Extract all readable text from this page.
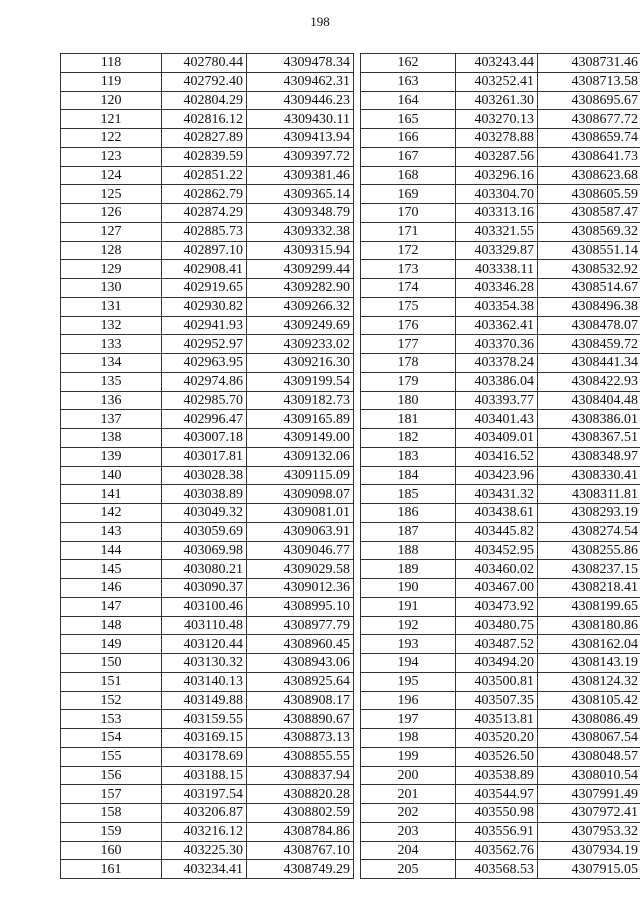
198
118	402780.44	4309478.34
119	402792.40	4309462.31
120	402804.29	4309446.23
121	402816.12	4309430.11
122	402827.89	4309413.94
123	402839.59	4309397.72
124	402851.22	4309381.46
125	402862.79	4309365.14
126	402874.29	4309348.79
127	402885.73	4309332.38
128	402897.10	4309315.94
129	402908.41	4309299.44
130	402919.65	4309282.90
131	402930.82	4309266.32
132	402941.93	4309249.69
133	402952.97	4309233.02
134	402963.95	4309216.30
135	402974.86	4309199.54
136	402985.70	4309182.73
137	402996.47	4309165.89
138	403007.18	4309149.00
139	403017.81	4309132.06
140	403028.38	4309115.09
141	403038.89	4309098.07
142	403049.32	4309081.01
143	403059.69	4309063.91
144	403069.98	4309046.77
145	403080.21	4309029.58
146	403090.37	4309012.36
147	403100.46	4308995.10
148	403110.48	4308977.79
149	403120.44	4308960.45
150	403130.32	4308943.06
151	403140.13	4308925.64
152	403149.88	4308908.17
153	403159.55	4308890.67
154	403169.15	4308873.13
155	403178.69	4308855.55
156	403188.15	4308837.94
157	403197.54	4308820.28
158	403206.87	4308802.59
159	403216.12	4308784.86
160	403225.30	4308767.10
161	403234.41	4308749.29
162	403243.44	4308731.46
163	403252.41	4308713.58
164	403261.30	4308695.67
165	403270.13	4308677.72
166	403278.88	4308659.74
167	403287.56	4308641.73
168	403296.16	4308623.68
169	403304.70	4308605.59
170	403313.16	4308587.47
171	403321.55	4308569.32
172	403329.87	4308551.14
173	403338.11	4308532.92
174	403346.28	4308514.67
175	403354.38	4308496.38
176	403362.41	4308478.07
177	403370.36	4308459.72
178	403378.24	4308441.34
179	403386.04	4308422.93
180	403393.77	4308404.48
181	403401.43	4308386.01
182	403409.01	4308367.51
183	403416.52	4308348.97
184	403423.96	4308330.41
185	403431.32	4308311.81
186	403438.61	4308293.19
187	403445.82	4308274.54
188	403452.95	4308255.86
189	403460.02	4308237.15
190	403467.00	4308218.41
191	403473.92	4308199.65
192	403480.75	4308180.86
193	403487.52	4308162.04
194	403494.20	4308143.19
195	403500.81	4308124.32
196	403507.35	4308105.42
197	403513.81	4308086.49
198	403520.20	4308067.54
199	403526.50	4308048.57
200	403538.89	4308010.54
201	403544.97	4307991.49
202	403550.98	4307972.41
203	403556.91	4307953.32
204	403562.76	4307934.19
205	403568.53	4307915.05
